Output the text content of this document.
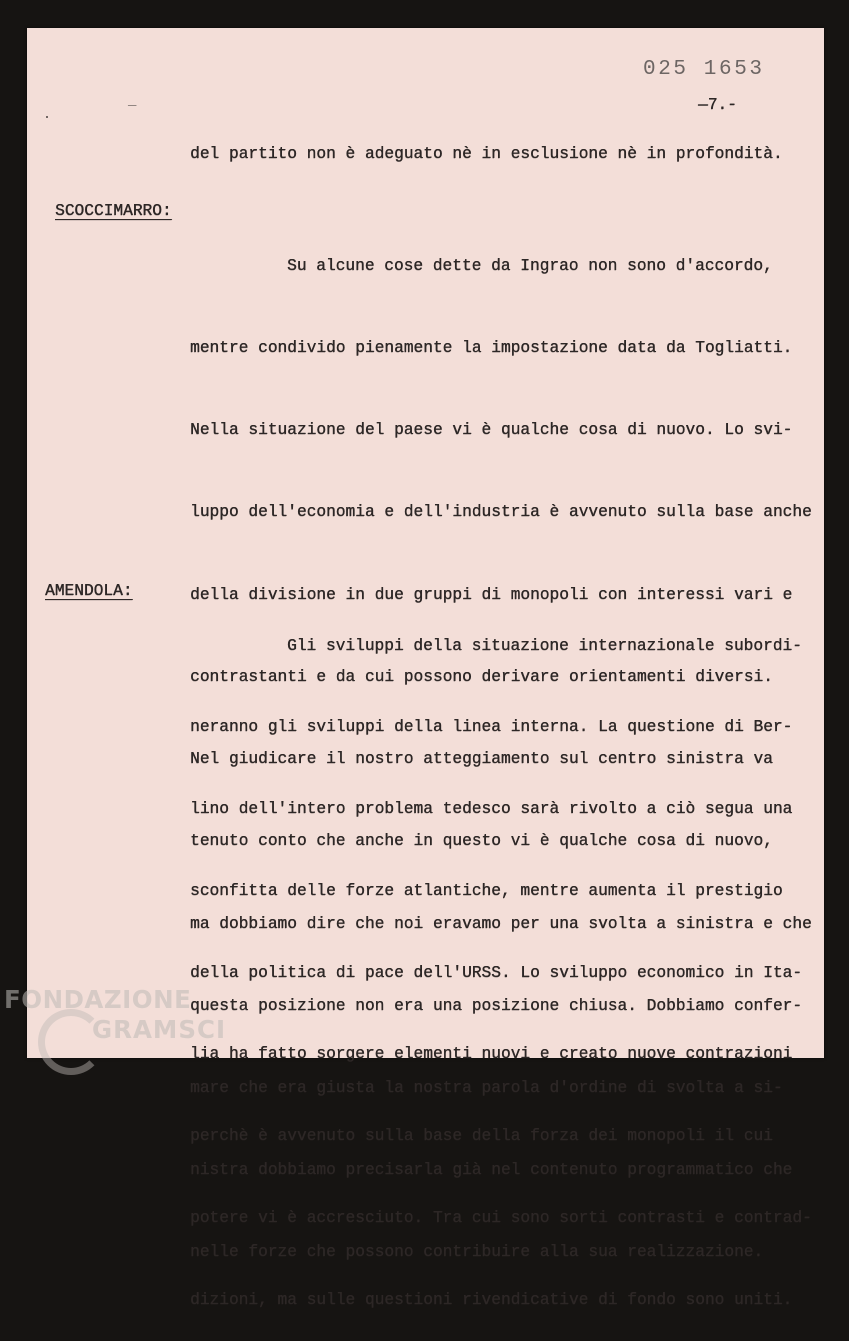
025 1653
—7.-
—
del partito non è adeguato nè in esclusione nè in profondità.
SCOCCIMARRO:

Su alcune cose dette da Ingrao non sono d'accordo,

mentre condivido pienamente la impostazione data da Togliatti.

Nella situazione del paese vi è qualche cosa di nuovo. Lo svi-

luppo dell'economia e dell'industria è avvenuto sulla base anche

della divisione in due gruppi di monopoli con interessi vari e

contrastanti e da cui possono derivare orientamenti diversi.

Nel giudicare il nostro atteggiamento sul centro sinistra va

tenuto conto che anche in questo vi è qualche cosa di nuovo,

ma dobbiamo dire che noi eravamo per una svolta a sinistra e che

questa posizione non era una posizione chiusa. Dobbiamo confer-

mare che era giusta la nostra parola d'ordine di svolta a si-

nistra dobbiamo precisarla già nel contenuto programmatico che

nelle forze che possono contribuire alla sua realizzazione.

AMENDOLA:

Gli sviluppi della situazione internazionale subordi-

neranno gli sviluppi della linea interna. La questione di Ber-

lino dell'intero problema tedesco sarà rivolto a ciò segua una

sconfitta delle forze atlantiche, mentre aumenta il prestigio

della politica di pace dell'URSS. Lo sviluppo economico in Ita-

lia ha fatto sorgere elementi nuovi e creato nuove contrazioni

perchè è avvenuto sulla base della forza dei monopoli il cui

potere vi è accresciuto. Tra cui sono sorti contrasti e contrad-

dizioni, ma sulle questioni rivendicative di fondo sono uniti.

FONDAZIONE
GRAMSCI
